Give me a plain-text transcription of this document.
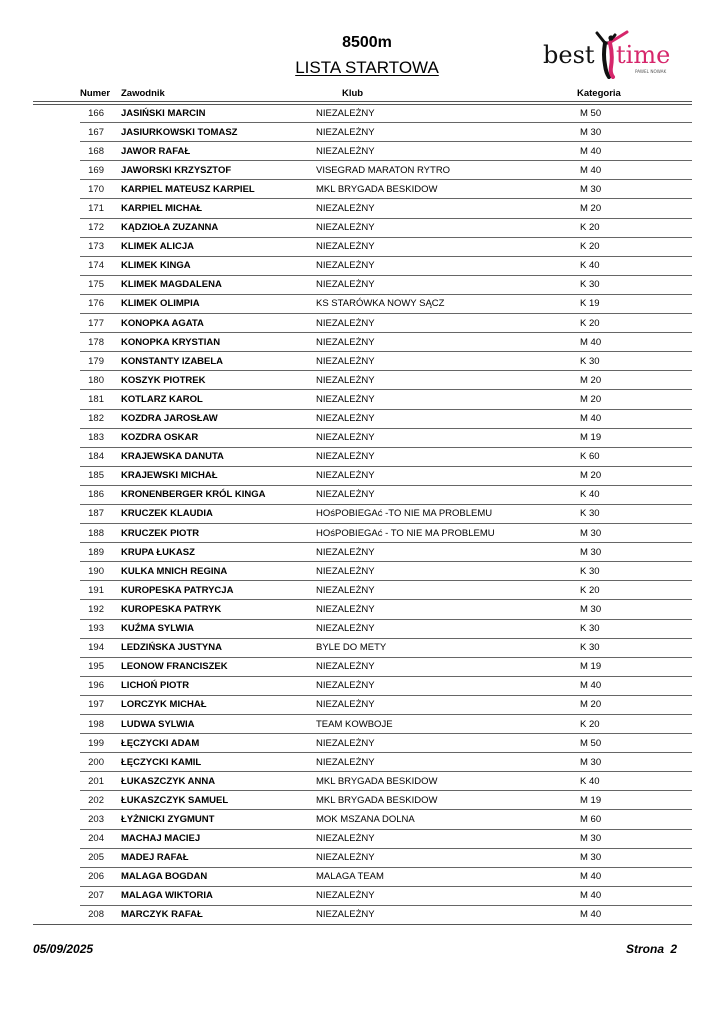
8500m
LISTA STARTOWA	best time
PAWEL NOWAK
Numer Zawodnik	Klub	Kategoria
166 JASIŃSKI MARCIN	NIEZALEŻNY	M 50
167 JASIURKOWSKI TOMASZ	NIEZALEŻNY	M 30
168 JAWOR RAFAŁ	NIEZALEŻNY	M 40
169 JAWORSKI KRZYSZTOF	VISEGRAD MARATON RYTRO	M 40
170 KARPIEL MATEUSZ KARPIEL	MKL BRYGADA BESKIDOW	M 30
171 KARPIEL MICHAŁ	NIEZALEŻNY	M 20
172 KĄDZIOŁA ZUZANNA	NIEZALEŻNY	K 20
173 KLIMEK ALICJA	NIEZALEŻNY	K 20
174 KLIMEK KINGA	NIEZALEŻNY	K 40
175 KLIMEK MAGDALENA	NIEZALEŻNY	K 30
176 KLIMEK OLIMPIA	KS STARÓWKA NOWY SĄCZ	K 19
177 KONOPKA AGATA	NIEZALEŻNY	K 20
178 KONOPKA KRYSTIAN	NIEZALEŻNY	M 40
179 KONSTANTY IZABELA	NIEZALEŻNY	K 30
180 KOSZYK PIOTREK	NIEZALEŻNY	M 20
181 KOTLARZ KAROL	NIEZALEŻNY	M 20
182 KOZDRA JAROSŁAW	NIEZALEŻNY	M 40
183 KOZDRA OSKAR	NIEZALEŻNY	M 19
184 KRAJEWSKA DANUTA	NIEZALEŻNY	K 60
185 KRAJEWSKI MICHAŁ	NIEZALEŻNY	M 20
186 KRONENBERGER KRÓL KINGA	NIEZALEŻNY	K 40
187 KRUCZEK KLAUDIA	HOśPOBIEGAć -TO NIE MA PROBLEMU	K 30
188 KRUCZEK PIOTR	HOśPOBIEGAć - TO NIE MA PROBLEMU	M 30
189 KRUPA ŁUKASZ	NIEZALEŻNY	M 30
190 KULKA MNICH REGINA	NIEZALEŻNY	K 30
191 KUROPESKA PATRYCJA	NIEZALEŻNY	K 20
192 KUROPESKA PATRYK	NIEZALEŻNY	M 30
193 KUŹMA SYLWIA	NIEZALEŻNY	K 30
194 LEDZIŃSKA JUSTYNA	BYLE DO METY	K 30
195 LEONOW FRANCISZEK	NIEZALEŻNY	M 19
196 LICHOŃ PIOTR	NIEZALEŻNY	M 40
197 LORCZYK MICHAŁ	NIEZALEŻNY	M 20
198 LUDWA SYLWIA	TEAM KOWBOJE	K 20
199 ŁĘCZYCKI ADAM	NIEZALEŻNY	M 50
200 ŁĘCZYCKI KAMIL	NIEZALEŻNY	M 30
201 ŁUKASZCZYK ANNA	MKL BRYGADA BESKIDOW	K 40
202 ŁUKASZCZYK SAMUEL	MKL BRYGADA BESKIDOW	M 19
203 ŁYŻNICKI ZYGMUNT	MOK MSZANA DOLNA	M 60
204 MACHAJ MACIEJ	NIEZALEŻNY	M 30
205 MADEJ RAFAŁ	NIEZALEŻNY	M 30
206 MALAGA BOGDAN	MALAGA TEAM	M 40
207 MALAGA WIKTORIA	NIEZALEŻNY	M 40
208 MARCZYK RAFAŁ	NIEZALEŻNY	M 40
05/09/2025	Strona 2
